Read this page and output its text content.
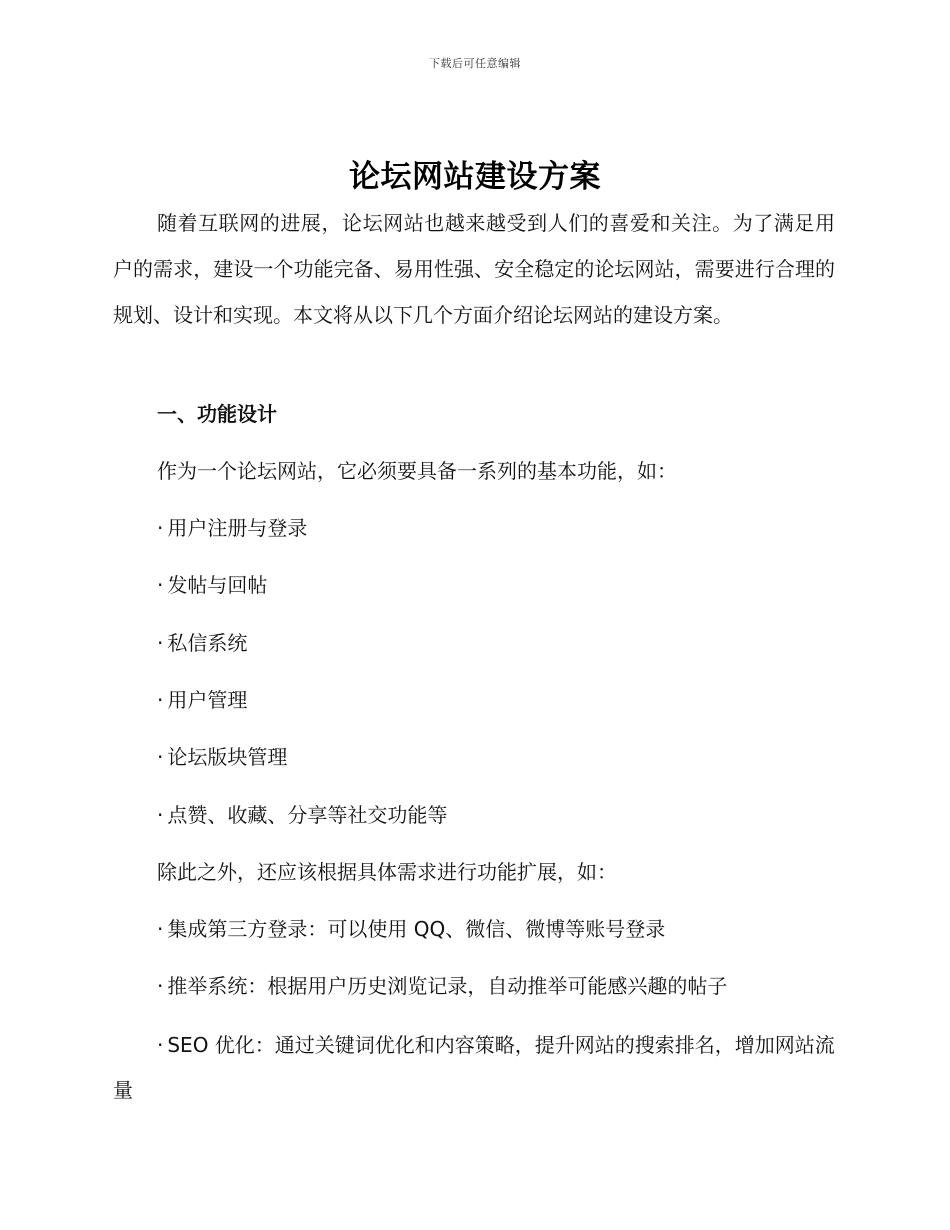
下载后可任意编辑
论坛网站建设方案

随着互联网的进展，论坛网站也越来越受到人们的喜爱和关注。为了满足用户的需求，建设一个功能完备、易用性强、安全稳定的论坛网站，需要进行合理的规划、设计和实现。本文将从以下几个方面介绍论坛网站的建设方案。

一、功能设计

作为一个论坛网站，它必须要具备一系列的基本功能，如：

· 用户注册与登录

· 发帖与回帖

· 私信系统

· 用户管理

· 论坛版块管理

· 点赞、收藏、分享等社交功能等

除此之外，还应该根据具体需求进行功能扩展，如：

· 集成第三方登录：可以使用 QQ、微信、微博等账号登录

· 推举系统：根据用户历史浏览记录，自动推举可能感兴趣的帖子

· SEO 优化：通过关键词优化和内容策略，提升网站的搜索排名，增加网站流量
